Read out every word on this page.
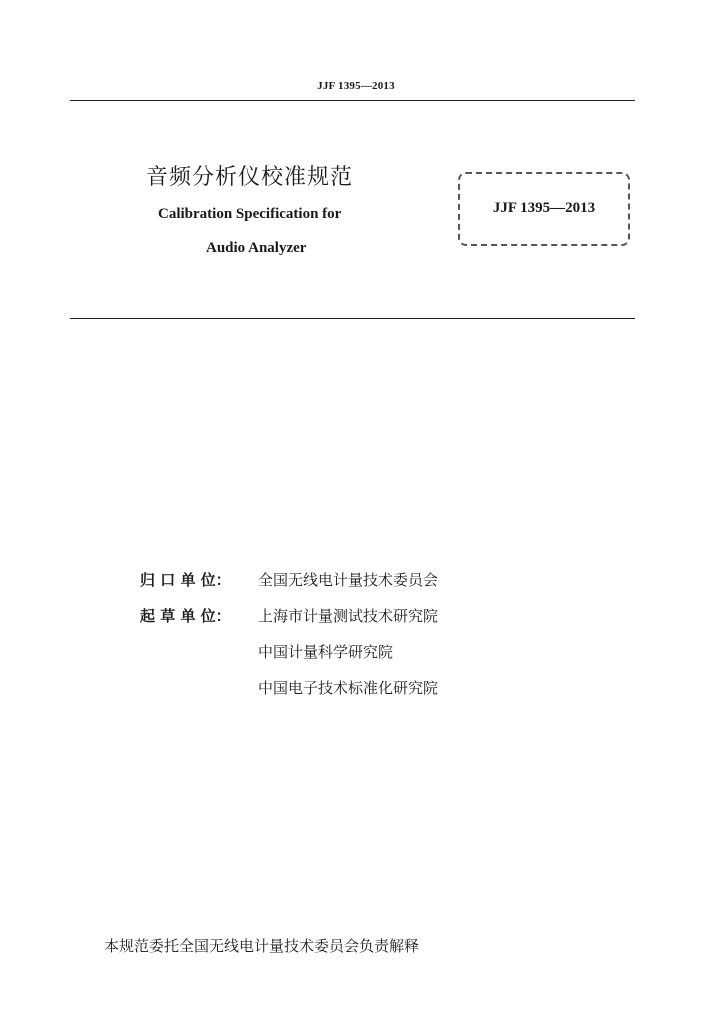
JJF 1395—2013
音频分析仪校准规范
Calibration Specification for
Audio Analyzer
JJF 1395—2013
归 口 单 位： 全国无线电计量技术委员会
起 草 单 位： 上海市计量测试技术研究院
中国计量科学研究院
中国电子技术标准化研究院
本规范委托全国无线电计量技术委员会负责解释
